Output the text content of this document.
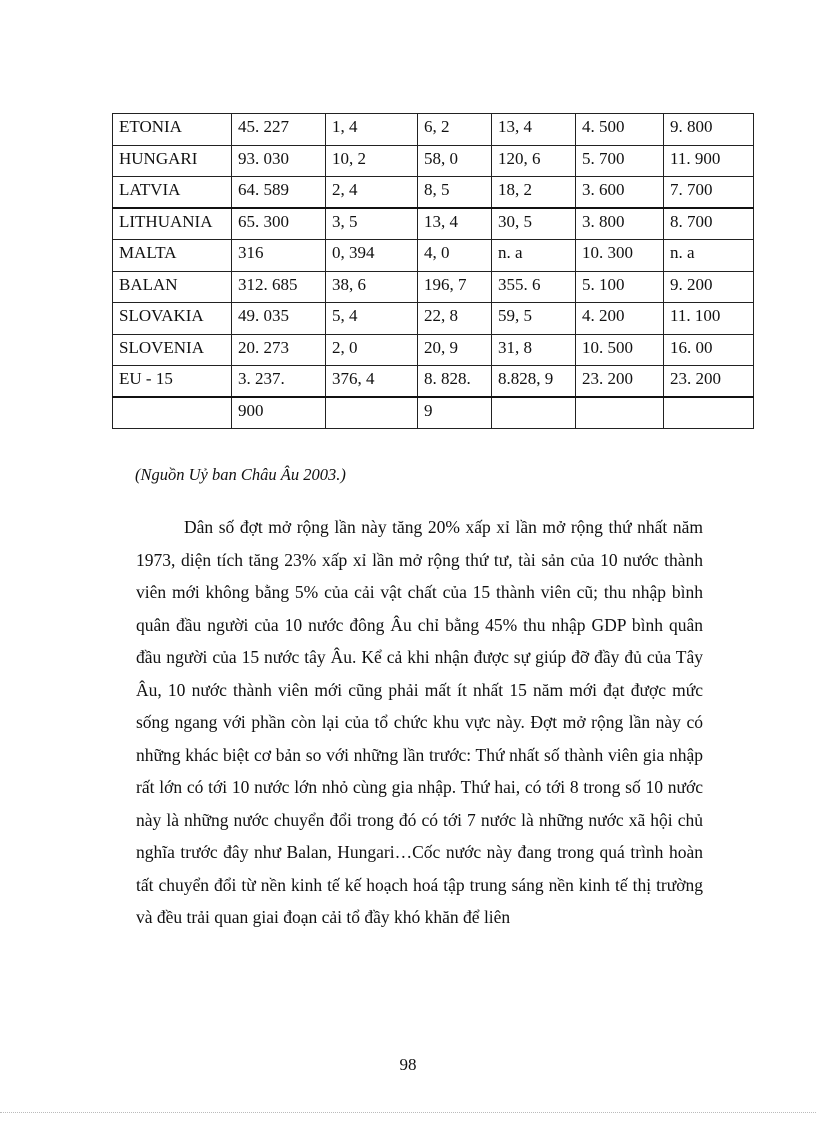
ETONIA	45. 227	1, 4	6, 2	13, 4	4. 500	9. 800
HUNGARI	93. 030	10, 2	58, 0	120, 6	5. 700	11. 900
LATVIA	64. 589	2, 4	8, 5	18, 2	3. 600	7. 700
LITHUANIA	65. 300	3, 5	13, 4	30, 5	3. 800	8. 700
MALTA	316	0, 394	4, 0	n. a	10. 300	n. a
BALAN	312. 685	38, 6	196, 7	355. 6	5. 100	9. 200
SLOVAKIA	49. 035	5, 4	22, 8	59, 5	4. 200	11. 100
SLOVENIA	20. 273	2, 0	20, 9	31, 8	10. 500	16. 00
EU - 15	3. 237.	376, 4	8. 828.	8.828, 9	23. 200	23. 200
	900		9			
(Nguồn Uỷ ban Châu Âu 2003.)

Dân số đợt mở rộng lần này tăng 20% xấp xỉ lần mở rộng thứ nhất năm 1973, diện tích tăng 23% xấp xỉ lần mở rộng thứ tư, tài sản của 10 nước thành viên mới không bằng 5% của cải vật chất của 15 thành viên cũ; thu nhập bình quân đầu người của 10 nước đông Âu chỉ bằng 45% thu nhập GDP bình quân đầu người của 15 nước tây Âu. Kể cả khi nhận được sự giúp đỡ đầy đủ của Tây Âu, 10 nước thành viên mới cũng phải mất ít nhất 15 năm mới đạt được mức sống ngang với phần còn lại của tổ chức khu vực này. Đợt mở rộng lần này có những khác biệt cơ bản so với những lần trước: Thứ nhất số thành viên gia nhập rất lớn có tới 10 nước lớn nhỏ cùng gia nhập. Thứ hai, có tới 8 trong số 10 nước này là những nước chuyển đổi trong đó có tới 7 nước là những nước xã hội chủ nghĩa trước đây như Balan, Hungari…Cốc nước này đang trong quá trình hoàn tất chuyển đổi từ nền kinh tế kế hoạch hoá tập trung sáng nền kinh tế thị trường và đều trải quan giai đoạn cải tổ đầy khó khăn để liên

98
